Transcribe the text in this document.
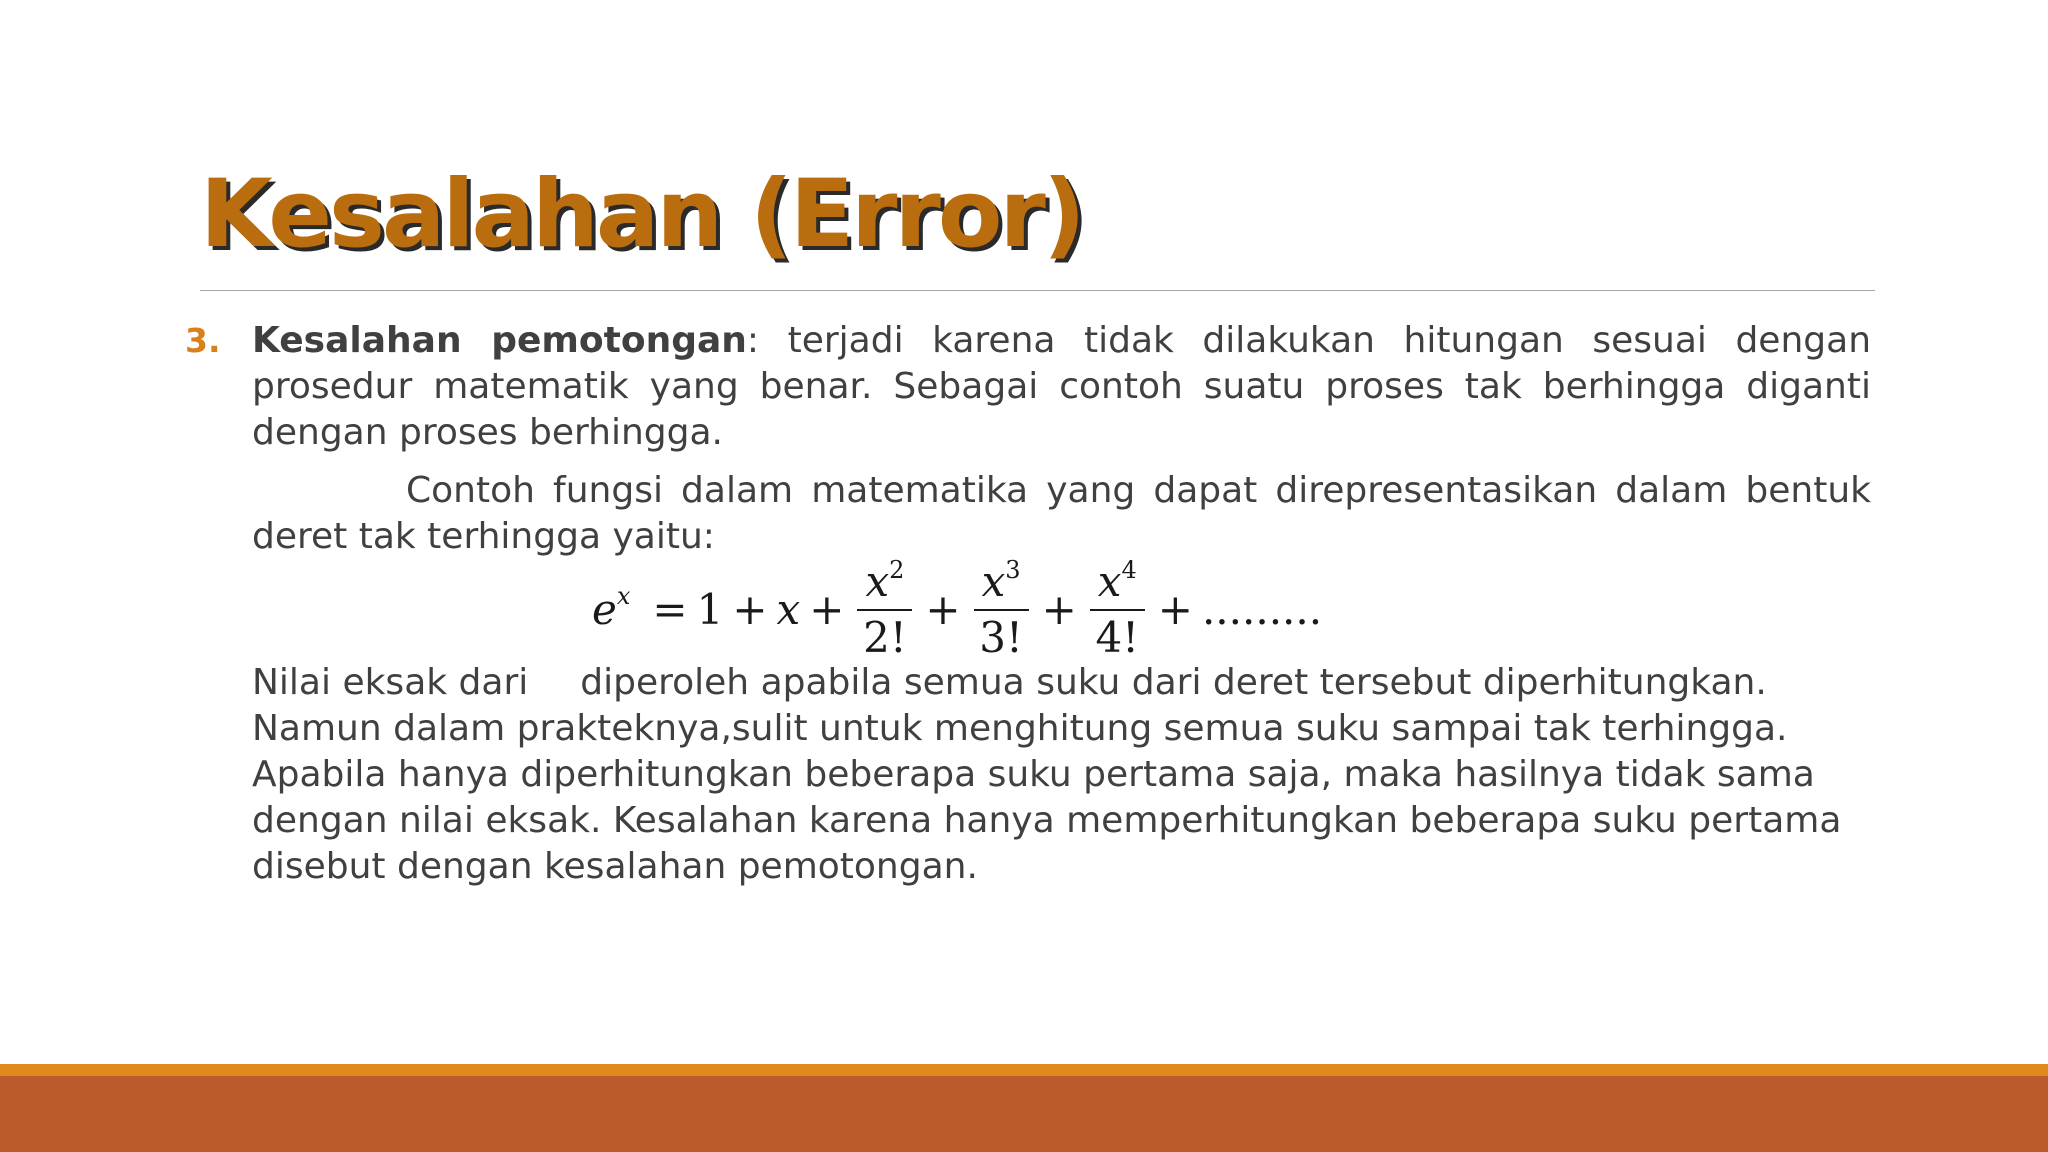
Kesalahan (Error)
3. Kesalahan pemotongan: terjadi karena tidak dilakukan hitungan sesuai dengan prosedur matematik yang benar. Sebagai contoh suatu proses tak berhingga diganti dengan proses berhingga.
Contoh fungsi dalam matematika yang dapat direpresentasikan dalam bentuk deret tak terhingga yaitu:
$e^x = 1 + x + \frac{x^2}{2!} + \frac{x^3}{3!} + \frac{x^4}{4!}$ + .........
Nilai eksak dari diperoleh apabila semua suku dari deret tersebut diperhitungkan. Namun dalam prakteknya,sulit untuk menghitung semua suku sampai tak terhingga. Apabila hanya diperhitungkan beberapa suku pertama saja, maka hasilnya tidak sama dengan nilai eksak. Kesalahan karena hanya memperhitungkan beberapa suku pertama disebut dengan kesalahan pemotongan.
